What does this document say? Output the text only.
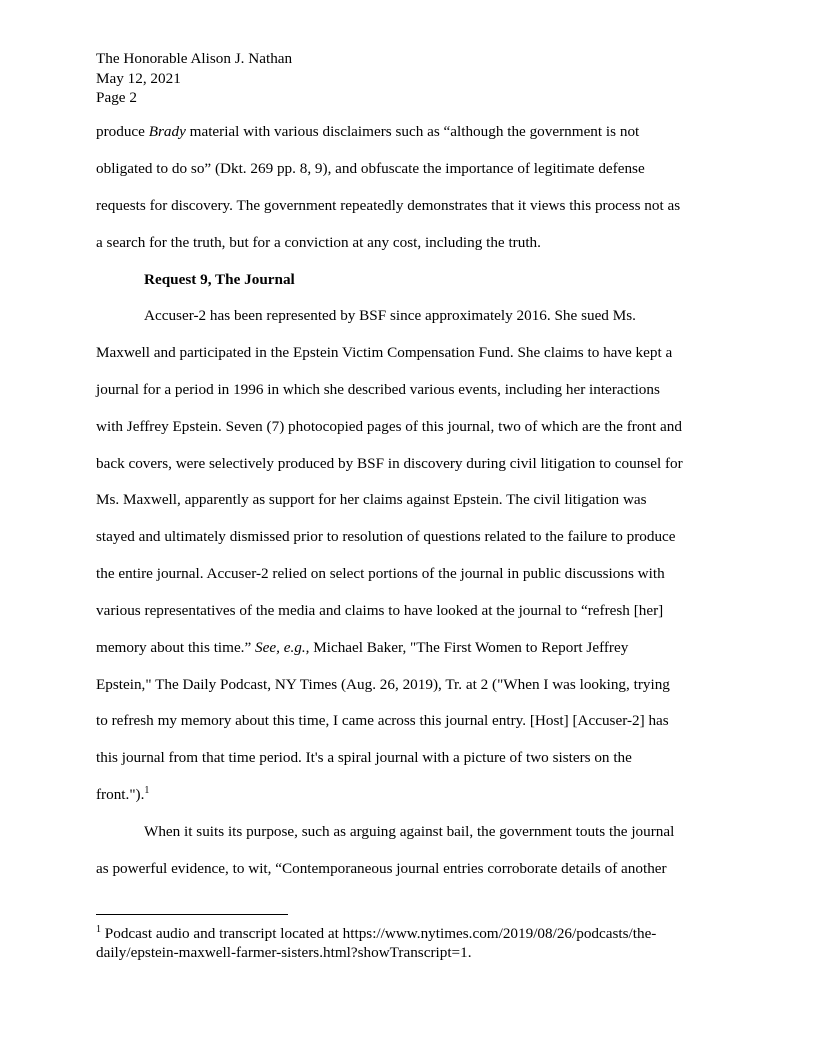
The Honorable Alison J. Nathan
May 12, 2021
Page 2
produce Brady material with various disclaimers such as “although the government is not
obligated to do so” (Dkt. 269 pp. 8, 9), and obfuscate the importance of legitimate defense
requests for discovery. The government repeatedly demonstrates that it views this process not as
a search for the truth, but for a conviction at any cost, including the truth.
Request 9, The Journal
Accuser-2 has been represented by BSF since approximately 2016. She sued Ms.
Maxwell and participated in the Epstein Victim Compensation Fund. She claims to have kept a
journal for a period in 1996 in which she described various events, including her interactions
with Jeffrey Epstein. Seven (7) photocopied pages of this journal, two of which are the front and
back covers, were selectively produced by BSF in discovery during civil litigation to counsel for
Ms. Maxwell, apparently as support for her claims against Epstein. The civil litigation was
stayed and ultimately dismissed prior to resolution of questions related to the failure to produce
the entire journal. Accuser-2 relied on select portions of the journal in public discussions with
various representatives of the media and claims to have looked at the journal to “refresh [her]
memory about this time.” See, e.g., Michael Baker, "The First Women to Report Jeffrey
Epstein," The Daily Podcast, NY Times (Aug. 26, 2019), Tr. at 2 ("When I was looking, trying
to refresh my memory about this time, I came across this journal entry. [Host] [Accuser-2] has
this journal from that time period. It's a spiral journal with a picture of two sisters on the
front.").$^1$
When it suits its purpose, such as arguing against bail, the government touts the journal
as powerful evidence, to wit, “Contemporaneous journal entries corroborate details of another
$^1$ Podcast audio and transcript located at https://www.nytimes.com/2019/08/26/podcasts/the-
daily/epstein-maxwell-farmer-sisters.html?showTranscript=1.
